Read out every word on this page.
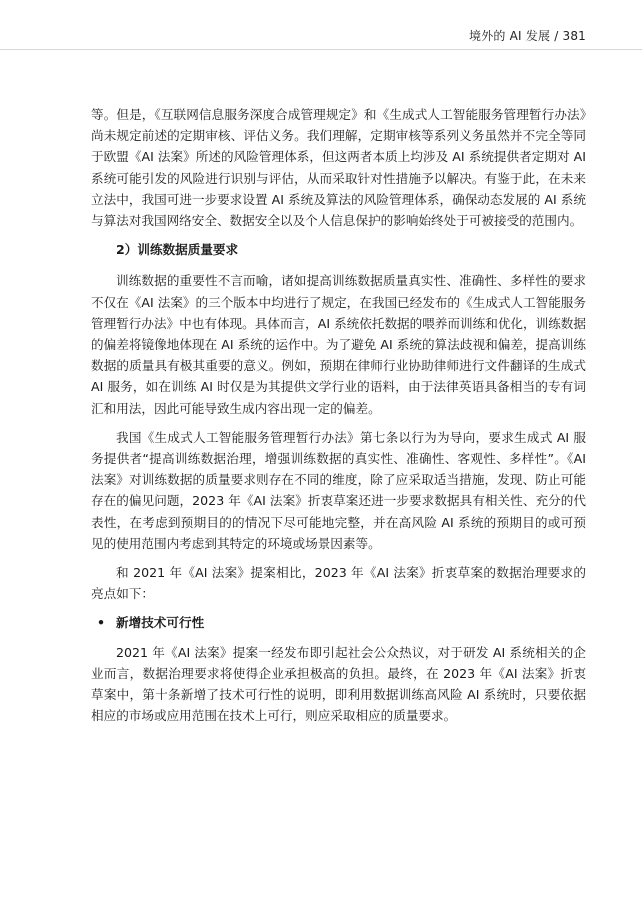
境外的 AI 发展 / 381

等。但是，《互联网信息服务深度合成管理规定》和《生成式人工智能服务管理暂行办法》尚未规定前述的定期审核、评估义务。我们理解，定期审核等系列义务虽然并不完全等同于欧盟《AI 法案》所述的风险管理体系，但这两者本质上均涉及 AI 系统提供者定期对 AI 系统可能引发的风险进行识别与评估，从而采取针对性措施予以解决。有鉴于此，在未来立法中，我国可进一步要求设置 AI 系统及算法的风险管理体系，确保动态发展的 AI 系统与算法对我国网络安全、数据安全以及个人信息保护的影响始终处于可被接受的范围内。

2）训练数据质量要求

训练数据的重要性不言而喻，诸如提高训练数据质量真实性、准确性、多样性的要求不仅在《AI 法案》的三个版本中均进行了规定，在我国已经发布的《生成式人工智能服务管理暂行办法》中也有体现。具体而言，AI 系统依托数据的喂养而训练和优化，训练数据的偏差将镜像地体现在 AI 系统的运作中。为了避免 AI 系统的算法歧视和偏差，提高训练数据的质量具有极其重要的意义。例如，预期在律师行业协助律师进行文件翻译的生成式 AI 服务，如在训练 AI 时仅是为其提供文学行业的语料，由于法律英语具备相当的专有词汇和用法，因此可能导致生成内容出现一定的偏差。

我国《生成式人工智能服务管理暂行办法》第七条以行为为导向，要求生成式 AI 服务提供者“提高训练数据治理，增强训练数据的真实性、准确性、客观性、多样性”。《AI 法案》对训练数据的质量要求则存在不同的维度，除了应采取适当措施，发现、防止可能存在的偏见问题，2023 年《AI 法案》折衷草案还进一步要求数据具有相关性、充分的代表性，在考虑到预期目的的情况下尽可能地完整，并在高风险 AI 系统的预期目的或可预见的使用范围内考虑到其特定的环境或场景因素等。

和 2021 年《AI 法案》提案相比，2023 年《AI 法案》折衷草案的数据治理要求的亮点如下：

• 新增技术可行性

2021 年《AI 法案》提案一经发布即引起社会公众热议，对于研发 AI 系统相关的企业而言，数据治理要求将使得企业承担极高的负担。最终，在 2023 年《AI 法案》折衷草案中，第十条新增了技术可行性的说明，即利用数据训练高风险 AI 系统时，只要依据相应的市场或应用范围在技术上可行，则应采取相应的质量要求。
